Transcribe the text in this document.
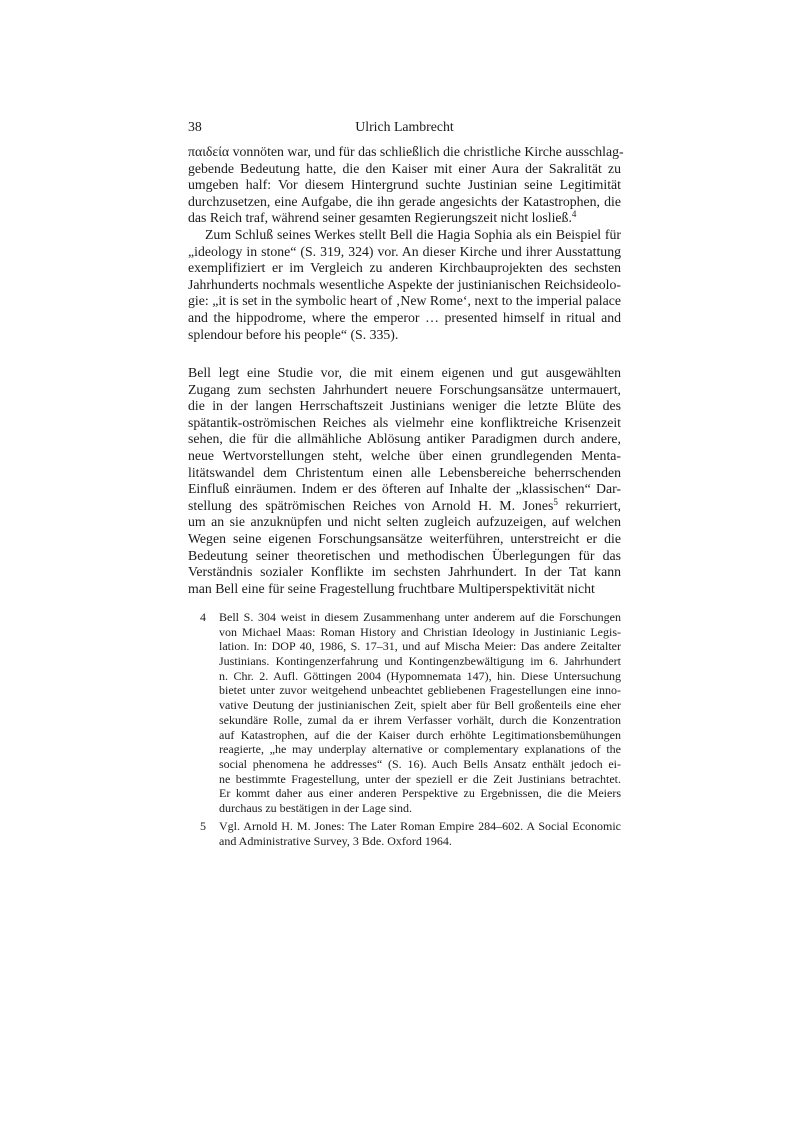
38	Ulrich Lambrecht
παιδεία vonnöten war, und für das schließlich die christliche Kirche ausschlag-
gebende Bedeutung hatte, die den Kaiser mit einer Aura der Sakralität zu
umgeben half: Vor diesem Hintergrund suchte Justinian seine Legitimität
durchzusetzen, eine Aufgabe, die ihn gerade angesichts der Katastrophen, die
das Reich traf, während seiner gesamten Regierungszeit nicht losließ.$^4$
Zum Schluß seines Werkes stellt Bell die Hagia Sophia als ein Beispiel für
„ideology in stone“ (S. 319, 324) vor. An dieser Kirche und ihrer Ausstattung
exemplifiziert er im Vergleich zu anderen Kirchbauprojekten des sechsten
Jahrhunderts nochmals wesentliche Aspekte der justinianischen Reichsideolo-
gie: „it is set in the symbolic heart of ‚New Rome‘, next to the imperial palace
and the hippodrome, where the emperor … presented himself in ritual and
splendour before his people“ (S. 335).
Bell legt eine Studie vor, die mit einem eigenen und gut ausgewählten
Zugang zum sechsten Jahrhundert neuere Forschungsansätze untermauert,
die in der langen Herrschaftszeit Justinians weniger die letzte Blüte des
spätantik-oströmischen Reiches als vielmehr eine konfliktreiche Krisenzeit
sehen, die für die allmähliche Ablösung antiker Paradigmen durch andere,
neue Wertvorstellungen steht, welche über einen grundlegenden Menta-
litätswandel dem Christentum einen alle Lebensbereiche beherrschenden
Einfluß einräumen. Indem er des öfteren auf Inhalte der „klassischen“ Dar-
stellung des spätrömischen Reiches von Arnold H. M. Jones$^5$ rekurriert,
um an sie anzuknüpfen und nicht selten zugleich aufzuzeigen, auf welchen
Wegen seine eigenen Forschungsansätze weiterführen, unterstreicht er die
Bedeutung seiner theoretischen und methodischen Überlegungen für das
Verständnis sozialer Konflikte im sechsten Jahrhundert. In der Tat kann
man Bell eine für seine Fragestellung fruchtbare Multiperspektivität nicht
4 Bell S. 304 weist in diesem Zusammenhang unter anderem auf die Forschungen
von Michael Maas: Roman History and Christian Ideology in Justinianic Legis-
lation. In: DOP 40, 1986, S. 17–31, und auf Mischa Meier: Das andere Zeitalter
Justinians. Kontingenzerfahrung und Kontingenzbewältigung im 6. Jahrhundert
n. Chr. 2. Aufl. Göttingen 2004 (Hypomnemata 147), hin. Diese Untersuchung
bietet unter zuvor weitgehend unbeachtet gebliebenen Fragestellungen eine inno-
vative Deutung der justinianischen Zeit, spielt aber für Bell großenteils eine eher
sekundäre Rolle, zumal da er ihrem Verfasser vorhält, durch die Konzentration
auf Katastrophen, auf die der Kaiser durch erhöhte Legitimationsbemühungen
reagierte, „he may underplay alternative or complementary explanations of the
social phenomena he addresses“ (S. 16). Auch Bells Ansatz enthält jedoch ei-
ne bestimmte Fragestellung, unter der speziell er die Zeit Justinians betrachtet.
Er kommt daher aus einer anderen Perspektive zu Ergebnissen, die die Meiers
durchaus zu bestätigen in der Lage sind.
5 Vgl. Arnold H. M. Jones: The Later Roman Empire 284–602. A Social Economic
and Administrative Survey, 3 Bde. Oxford 1964.
